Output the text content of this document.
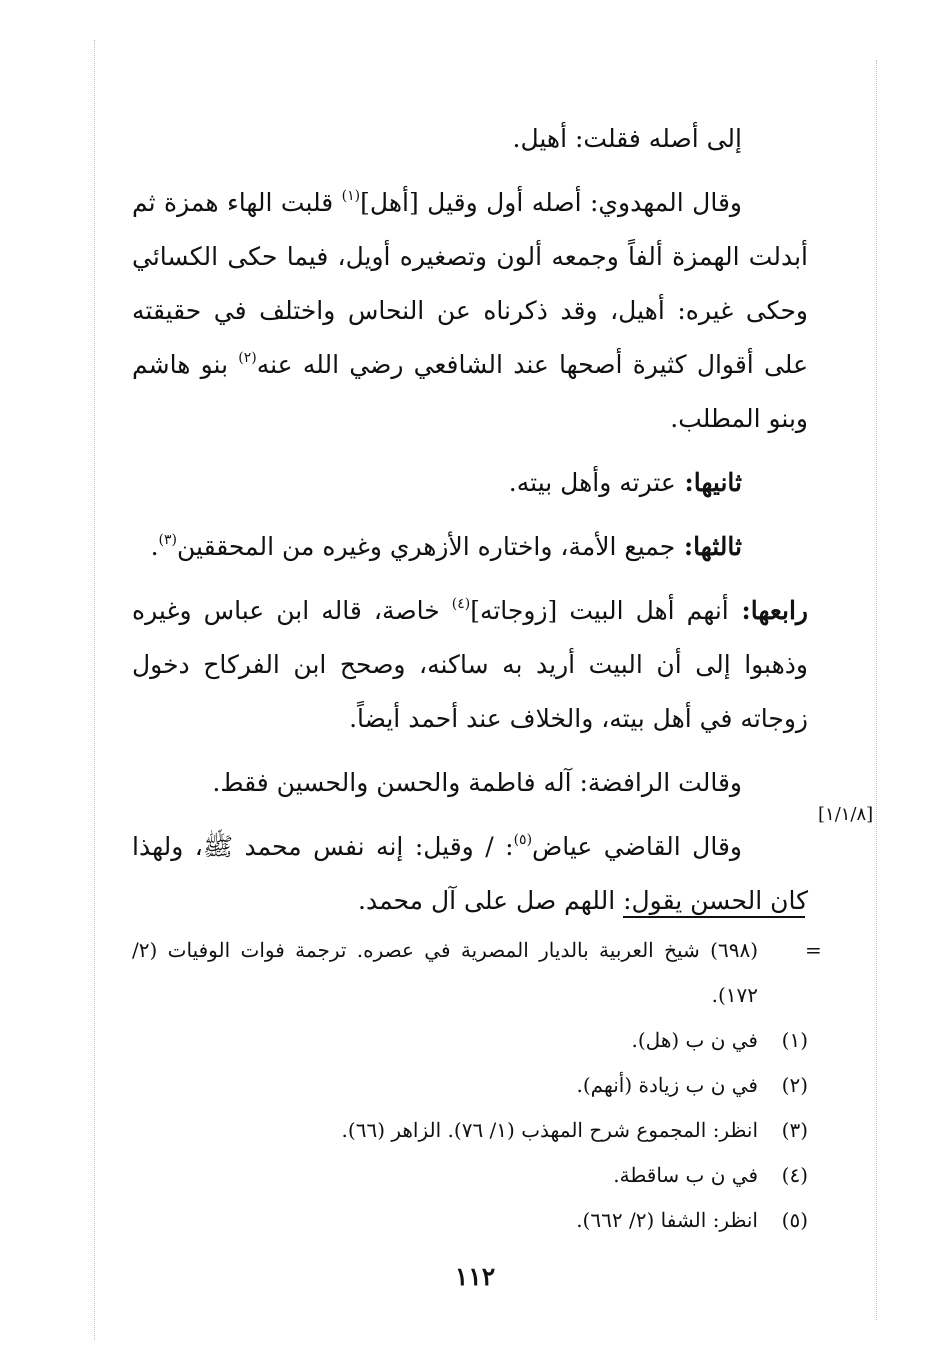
إلى أصله فقلت: أهيل.

وقال المهدوي: أصله أول وقيل [أهل]$^{(١)}$ قلبت الهاء همزة ثم أبدلت الهمزة ألفاً وجمعه ألون وتصغيره أويل، فيما حكى الكسائي وحكى غيره: أهيل، وقد ذكرناه عن النحاس واختلف في حقيقته على أقوال كثيرة أصحها عند الشافعي رضي الله عنه$^{(٢)}$ بنو هاشم وبنو المطلب.

ثانيها: عترته وأهل بيته.

ثالثها: جميع الأمة، واختاره الأزهري وغيره من المحققين$^{(٣)}$.

رابعها: أنهم أهل البيت [زوجاته]$^{(٤)}$ خاصة، قاله ابن عباس وغيره وذهبوا إلى أن البيت أريد به ساكنه، وصحح ابن الفركاح دخول زوجاته في أهل بيته، والخلاف عند أحمد أيضاً.

وقالت الرافضة: آله فاطمة والحسن والحسين فقط.

وقال القاضي عياض$^{(٥)}$: / وقيل: إنه نفس محمد ﷺ، ولهذا كان الحسن يقول: اللهم صل على آل محمد.

[١/١/٨]
=

(٦٩٨) شيخ العربية بالديار المصرية في عصره. ترجمة فوات الوفيات (٢/ ١٧٢).

(١)في ن ب (هل).

(٢)في ن ب زيادة (أنهم).

(٣)انظر: المجموع شرح المهذب (١/ ٧٦). الزاهر (٦٦).

(٤)في ن ب ساقطة.

(٥)انظر: الشفا (٢/ ٦٦٢).

١١٢
